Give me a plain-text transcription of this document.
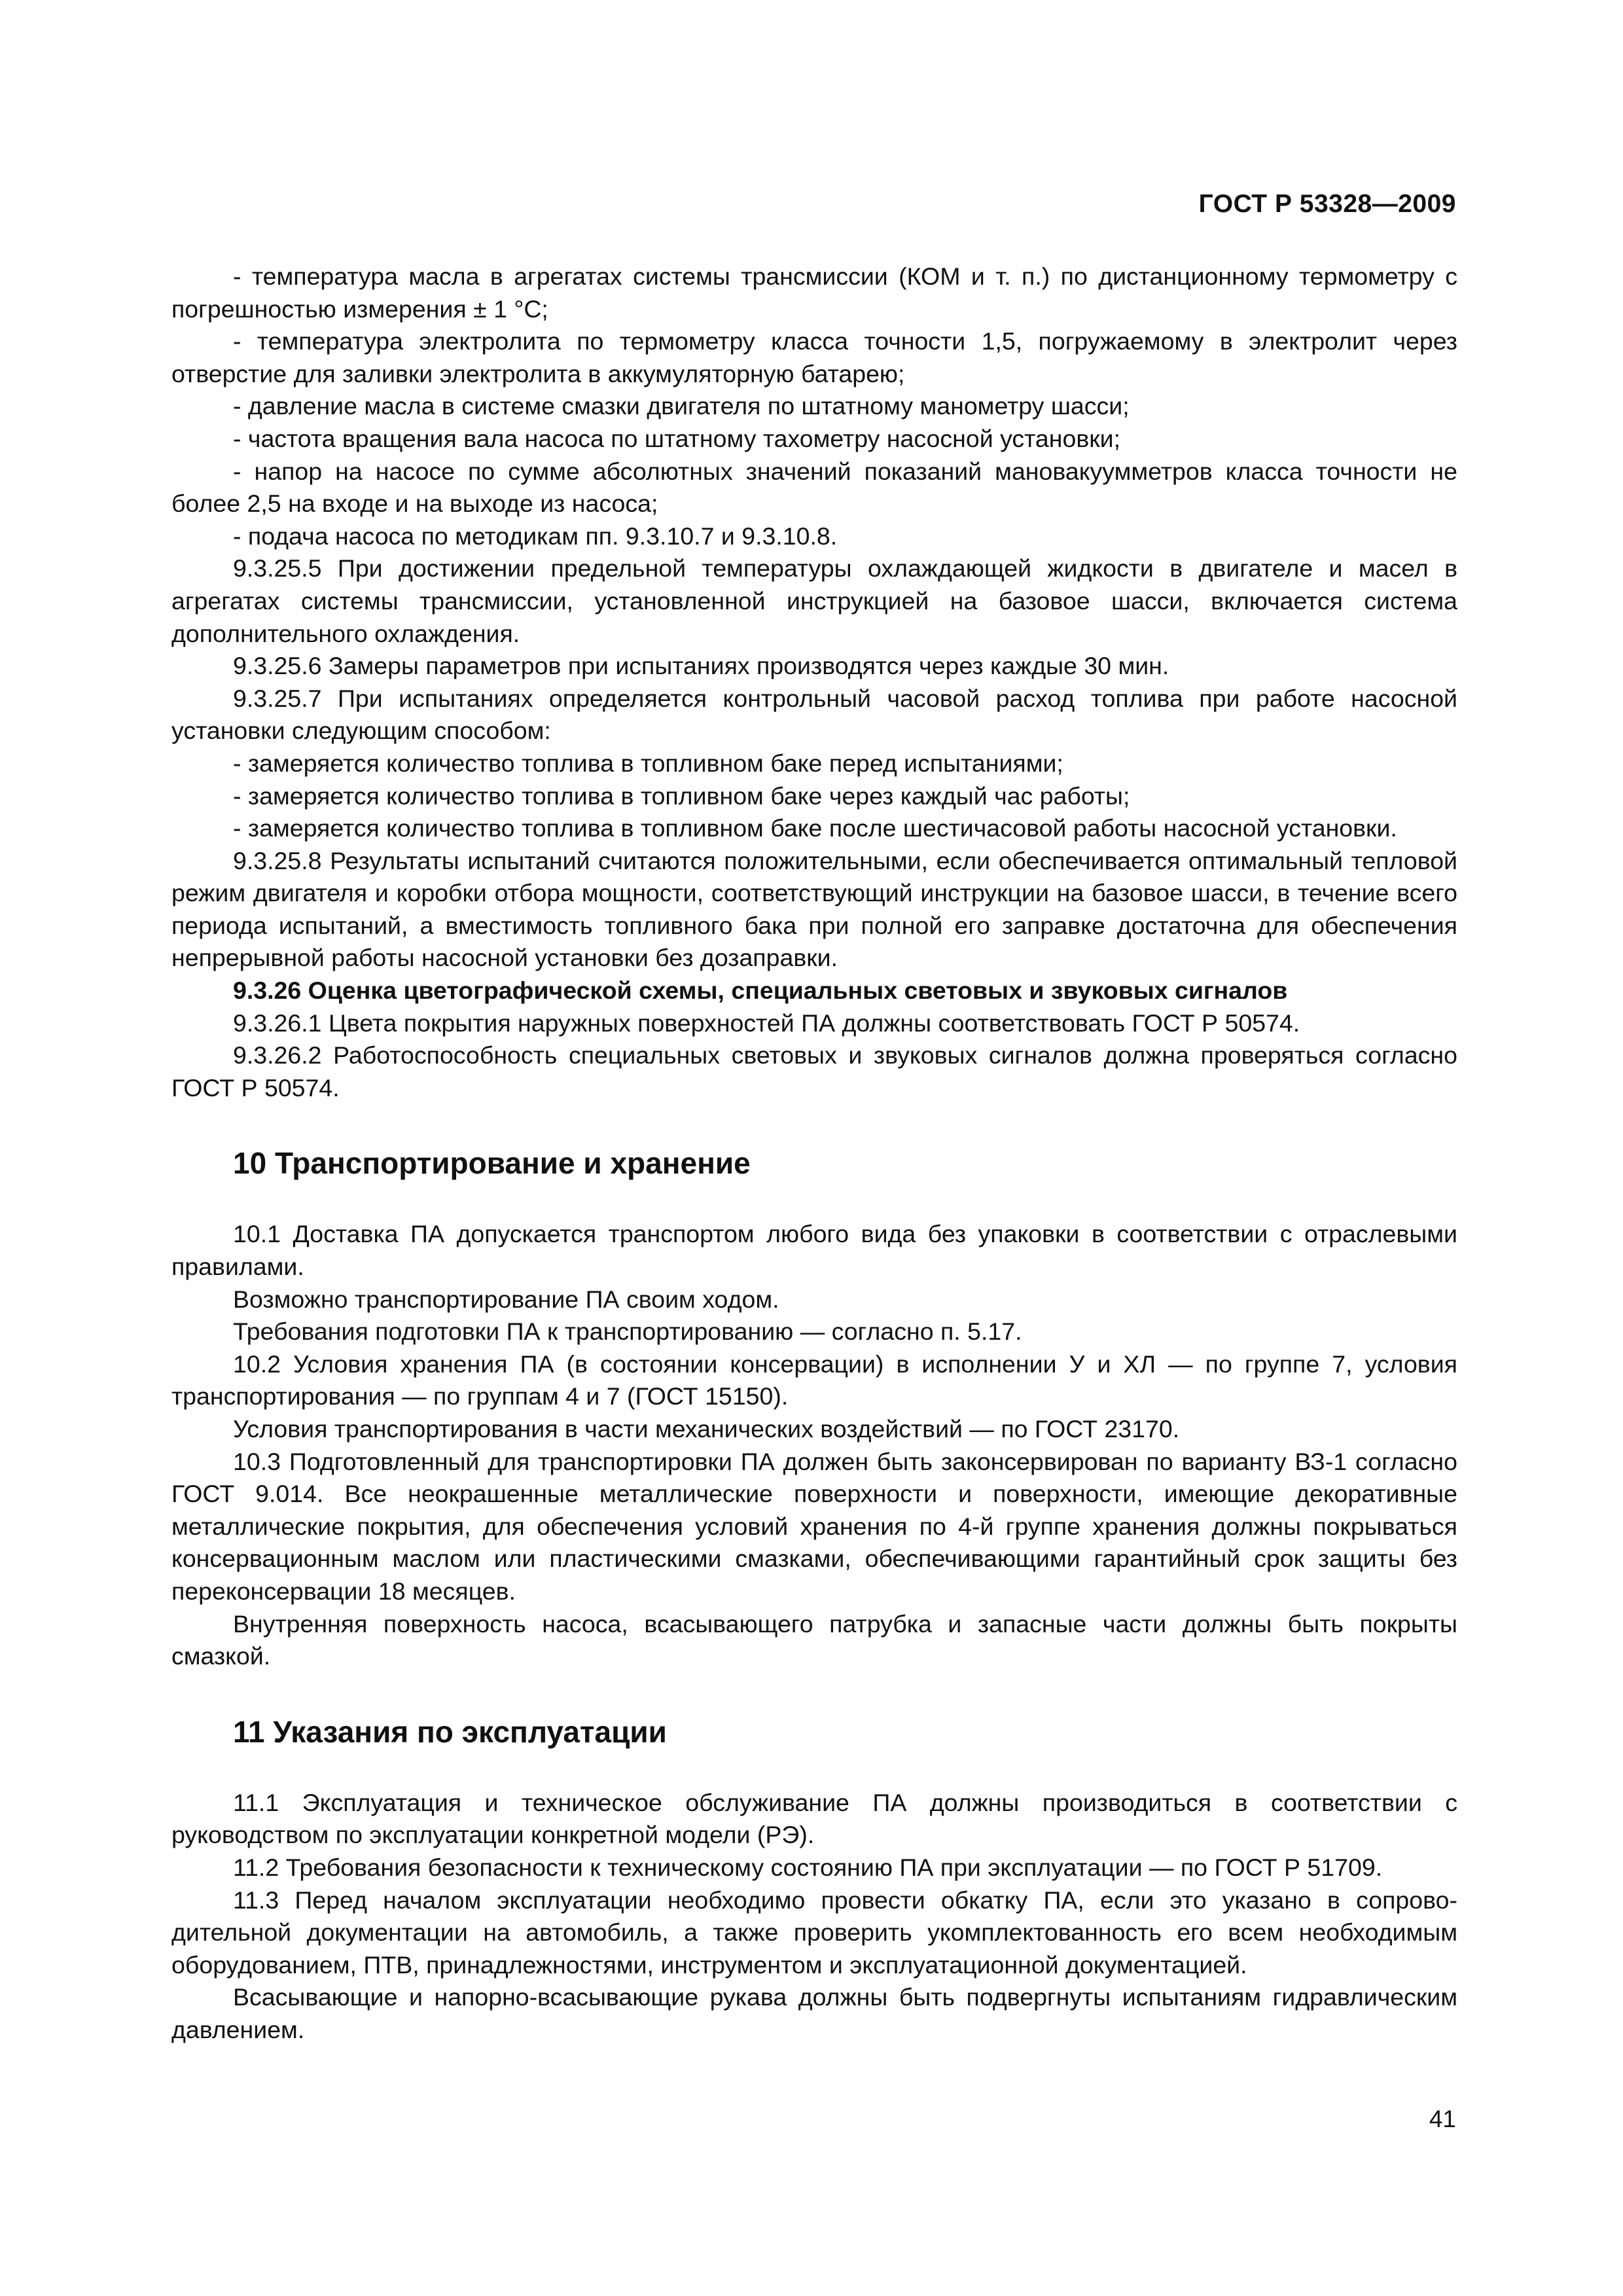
ГОСТ Р 53328—2009

- температура масла в агрегатах системы трансмиссии (КОМ и т. п.) по дистанционному термометру с погрешностью измерения ± 1 °С;

- температура электролита по термометру класса точности 1,5, погружаемому в электролит через отверстие для заливки электролита в аккумуляторную батарею;

- давление масла в системе смазки двигателя по штатному манометру шасси;

- частота вращения вала насоса по штатному тахометру насосной установки;

- напор на насосе по сумме абсолютных значений показаний мановакуумметров класса точности не более 2,5 на входе и на выходе из насоса;

- подача насоса по методикам пп. 9.3.10.7 и 9.3.10.8.

9.3.25.5 При достижении предельной температуры охлаждающей жидкости в двигателе и масел в агрегатах системы трансмиссии, установленной инструкцией на базовое шасси, включается система дополнительного охлаждения.

9.3.25.6 Замеры параметров при испытаниях производятся через каждые 30 мин.

9.3.25.7 При испытаниях определяется контрольный часовой расход топлива при работе насосной установки следующим способом:

- замеряется количество топлива в топливном баке перед испытаниями;

- замеряется количество топлива в топливном баке через каждый час работы;

- замеряется количество топлива в топливном баке после шестичасовой работы насосной установки.

9.3.25.8 Результаты испытаний считаются положительными, если обеспечивается оптимальный тепловой режим двигателя и коробки отбора мощности, соответствующий инструкции на базовое шасси, в течение всего периода испытаний, а вместимость топливного бака при полной его заправке достаточна для обеспечения непрерывной работы насосной установки без дозаправки.

9.3.26 Оценка цветографической схемы, специальных световых и звуковых сигналов

9.3.26.1 Цвета покрытия наружных поверхностей ПА должны соответствовать ГОСТ Р 50574.

9.3.26.2 Работоспособность специальных световых и звуковых сигналов должна проверяться согласно ГОСТ Р 50574.

10 Транспортирование и хранение

10.1 Доставка ПА допускается транспортом любого вида без упаковки в соответствии с отраслевыми правилами.

Возможно транспортирование ПА своим ходом.

Требования подготовки ПА к транспортированию — согласно п. 5.17.

10.2 Условия хранения ПА (в состоянии консервации) в исполнении У и ХЛ — по группе 7, условия транспортирования — по группам 4 и 7 (ГОСТ 15150).

Условия транспортирования в части механических воздействий — по ГОСТ 23170.

10.3 Подготовленный для транспортировки ПА должен быть законсервирован по варианту ВЗ-1 согласно ГОСТ 9.014. Все неокрашенные металлические поверхности и поверхности, имеющие декоративные металлические покрытия, для обеспечения условий хранения по 4-й группе хранения должны покрываться консервационным маслом или пластическими смазками, обеспечивающими гарантийный срок защиты без переконсервации 18 месяцев.

Внутренняя поверхность насоса, всасывающего патрубка и запасные части должны быть покрыты смазкой.

11 Указания по эксплуатации

11.1 Эксплуатация и техническое обслуживание ПА должны производиться в соответствии с руководством по эксплуатации конкретной модели (РЭ).

11.2 Требования безопасности к техническому состоянию ПА при эксплуатации — по ГОСТ Р 51709.

11.3 Перед началом эксплуатации необходимо провести обкатку ПА, если это указано в сопроводительной документации на автомобиль, а также проверить укомплектованность его всем необходимым оборудованием, ПТВ, принадлежностями, инструментом и эксплуатационной документацией.

Всасывающие и напорно-всасывающие рукава должны быть подвергнуты испытаниям гидравлическим давлением.

41
